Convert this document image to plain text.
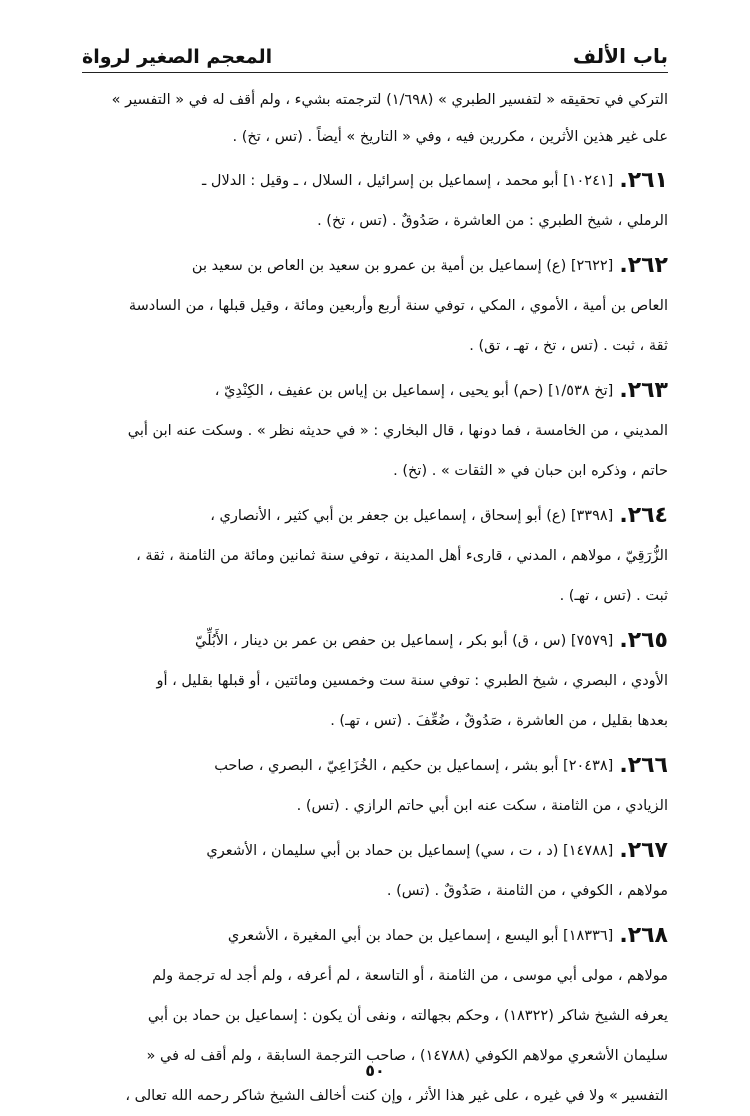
باب الألف
المعجم الصغير لرواة
التركي في تحقيقه « لتفسير الطبري » (١/٦٩٨) لترجمته بشيء ، ولم أقف له في « التفسير »
على غير هذين الأثرين ، مكررين فيه ، وفي « التاريخ » أيضاً . (تس ، تخ) .
٢٦١.
[١٠٢٤١] أبو محمد ، إسماعيل بن إسرائيل ، السلال ، ـ وقيل : الدلال ـ
الرملي ، شيخ الطبري : من العاشرة ، صَدُوقٌ . (تس ، تخ) .
٢٦٢.
[٢٦٢٢] (ع) إسماعيل بن أمية بن عمرو بن سعيد بن العاص بن سعيد بن
العاص بن أمية ، الأموي ، المكي ، توفي سنة أربع وأربعين ومائة ، وقيل قبلها ، من السادسة
ثقة ، ثبت . (تس ، تخ ، تهـ ، تق) .
٢٦٣.
[تخ ١/٥٣٨] (حم) أبو يحيى ، إسماعيل بن إياس بن عفيف ، الكِنْدِيّ ،
المديني ، من الخامسة ، فما دونها ، قال البخاري : « في حديثه نظر » . وسكت عنه ابن أبي
حاتم ، وذكره ابن حبان في « الثقات » . (تخ) .
٢٦٤.
[٣٣٩٨] (ع) أبو إسحاق ، إسماعيل بن جعفر بن أبي كثير ، الأنصاري ،
الزُّرَقِيّ ، مولاهم ، المدني ، قارىء أهل المدينة ، توفي سنة ثمانين ومائة من الثامنة ، ثقة ،
ثبت . (تس ، تهـ) .
٢٦٥.
[٧٥٧٩] (س ، ق) أبو بكر ، إسماعيل بن حفص بن عمر بن دينار ، الأَبُلِّيّ
الأودي ، البصري ، شيخ الطبري : توفي سنة ست وخمسين ومائتين ، أو قبلها بقليل ، أو
بعدها بقليل ، من العاشرة ، صَدُوقٌ ، ضُعِّفَ . (تس ، تهـ) .
٢٦٦.
[٢٠٤٣٨] أبو بشر ، إسماعيل بن حكيم ، الخُزَاعِيّ ، البصري ، صاحب
الزيادي ، من الثامنة ، سكت عنه ابن أبي حاتم الرازي . (تس) .
٢٦٧.
[١٤٧٨٨] (د ، ت ، سي) إسماعيل بن حماد بن أبي سليمان ، الأشعري
مولاهم ، الكوفي ، من الثامنة ، صَدُوقٌ . (تس) .
٢٦٨.
[١٨٣٣٦] أبو اليسع ، إسماعيل بن حماد بن أبي المغيرة ، الأشعري
مولاهم ، مولى أبي موسى ، من الثامنة ، أو التاسعة ، لم أعرفه ، ولم أجد له ترجمة ولم
يعرفه الشيخ شاكر (١٨٣٢٢) ، وحكم بجهالته ، ونفى أن يكون : إسماعيل بن حماد بن أبي
سليمان الأشعري مولاهم الكوفي (١٤٧٨٨) ، صاحب الترجمة السابقة ، ولم أقف له في «
التفسير » ولا في غيره ، على غير هذا الأثر ، وإن كنت أخالف الشيخ شاكر رحمه الله تعالى ،
٥٠
